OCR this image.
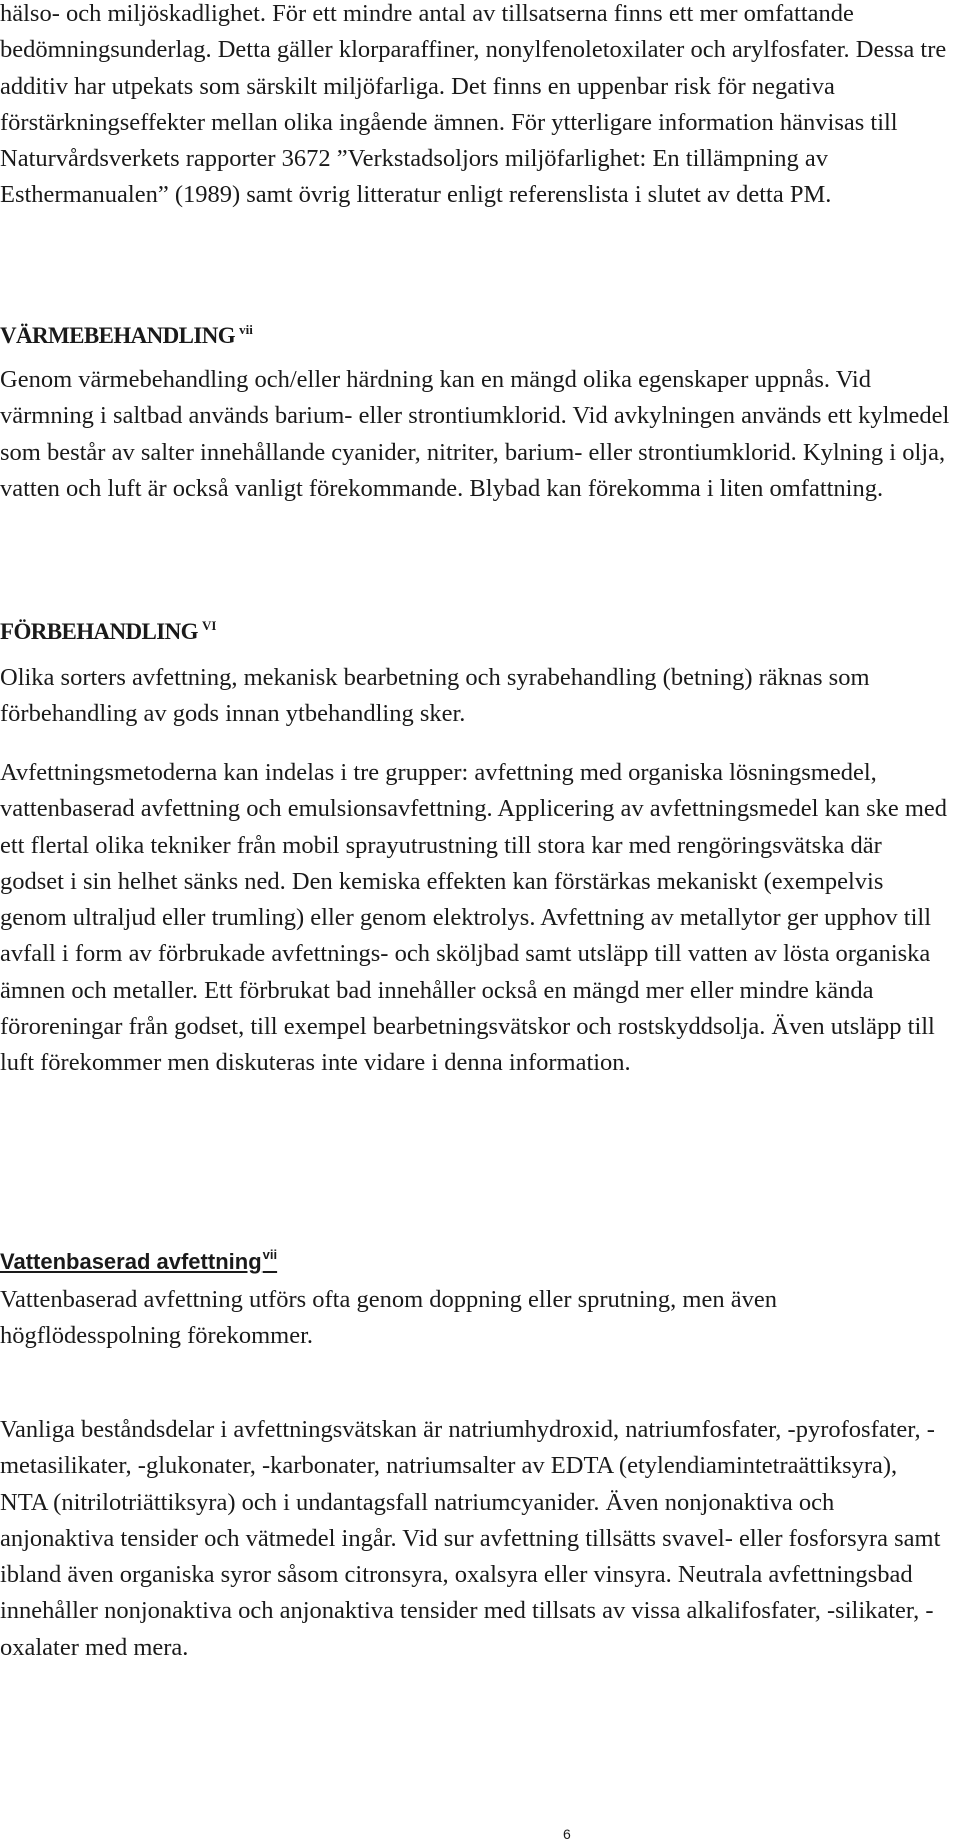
hälso- och miljöskadlighet. För ett mindre antal av tillsatserna finns ett mer omfattande bedömningsunderlag. Detta gäller klorparaffiner, nonylfenoletoxilater och arylfosfater. Dessa tre additiv har utpekats som särskilt miljöfarliga. Det finns en uppenbar risk för negativa förstärkningseffekter mellan olika ingående ämnen. För ytterligare information hänvisas till Naturvårdsverkets rapporter 3672 ”Verkstadsoljors miljöfarlighet: En tillämpning av Esthermanualen” (1989) samt övrig litteratur enligt referenslista i slutet av detta PM.

VÄRMEBEHANDLING $^{vii}$

Genom värmebehandling och/eller härdning kan en mängd olika egenskaper uppnås. Vid värmning i saltbad används barium- eller strontiumklorid. Vid avkylningen används ett kylmedel som består av salter innehållande cyanider, nitriter, barium- eller strontiumklorid. Kylning i olja, vatten och luft är också vanligt förekommande. Blybad kan förekomma i liten omfattning.

FÖRBEHANDLING $^{VI}$

Olika sorters avfettning, mekanisk bearbetning och syrabehandling (betning) räknas som förbehandling av gods innan ytbehandling sker.

Avfettningsmetoderna kan indelas i tre grupper: avfettning med organiska lösningsmedel, vattenbaserad avfettning och emulsionsavfettning. Applicering av avfettningsmedel kan ske med ett flertal olika tekniker från mobil sprayutrustning till stora kar med rengöringsvätska där godset i sin helhet sänks ned. Den kemiska effekten kan förstärkas mekaniskt (exempelvis genom ultraljud eller trumling) eller genom elektrolys. Avfettning av metallytor ger upphov till avfall i form av förbrukade avfettnings- och sköljbad samt utsläpp till vatten av lösta organiska ämnen och metaller. Ett förbrukat bad innehåller också en mängd mer eller mindre kända föroreningar från godset, till exempel bearbetningsvätskor och rostskyddsolja. Även utsläpp till luft förekommer men diskuteras inte vidare i denna information.

Vattenbaserad avfettning$^{vii}$

Vattenbaserad avfettning utförs ofta genom doppning eller sprutning, men även högflödesspolning förekommer.

Vanliga beståndsdelar i avfettningsvätskan är natriumhydroxid, natriumfosfater, -pyrofosfater, -metasilikater, -glukonater, -karbonater, natriumsalter av EDTA (etylendiamintetraättiksyra), NTA (nitrilotriättiksyra) och i undantagsfall natriumcyanider. Även nonjonaktiva och anjonaktiva tensider och vätmedel ingår. Vid sur avfettning tillsätts svavel- eller fosforsyra samt ibland även organiska syror såsom citronsyra, oxalsyra eller vinsyra. Neutrala avfettningsbad innehåller nonjonaktiva och anjonaktiva tensider med tillsats av vissa alkalifosfater, -silikater, - oxalater med mera.

6
